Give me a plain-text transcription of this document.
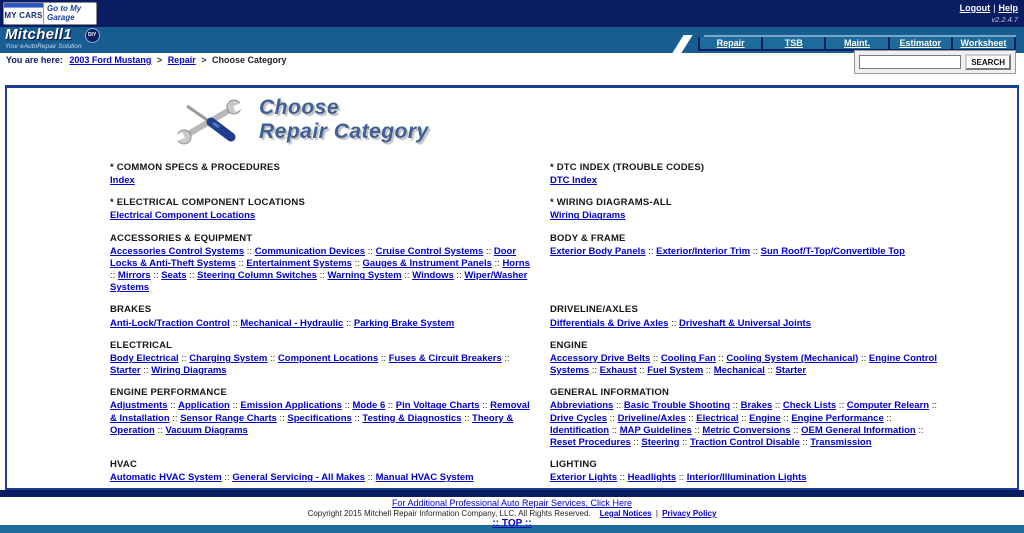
MY CARS
Go to My Garage
Logout | Help
v2.2.4.7
Mitchell1
Your eAutoRepair Solution
DIY
Repair	TSB	Maint.	Estimator	Worksheet
SEARCH
You are here: 2003 Ford Mustang > Repair > Choose Category
Choose
Repair Category
* COMMON SPECS & PROCEDURES
Index
* DTC INDEX (TROUBLE CODES)
DTC Index
* ELECTRICAL COMPONENT LOCATIONS
Electrical Component Locations
* WIRING DIAGRAMS-ALL
Wiring Diagrams
ACCESSORIES & EQUIPMENT
Accessories Control Systems :: Communication Devices :: Cruise Control Systems :: Door Locks & Anti-Theft Systems :: Entertainment Systems :: Gauges & Instrument Panels :: Horns :: Mirrors :: Seats :: Steering Column Switches :: Warning System :: Windows :: Wiper/Washer Systems
BODY & FRAME
Exterior Body Panels :: Exterior/Interior Trim :: Sun Roof/T-Top/Convertible Top
BRAKES
Anti-Lock/Traction Control :: Mechanical - Hydraulic :: Parking Brake System
DRIVELINE/AXLES
Differentials & Drive Axles :: Driveshaft & Universal Joints
ELECTRICAL
Body Electrical :: Charging System :: Component Locations :: Fuses & Circuit Breakers :: Starter :: Wiring Diagrams
ENGINE
Accessory Drive Belts :: Cooling Fan :: Cooling System (Mechanical) :: Engine Control Systems :: Exhaust :: Fuel System :: Mechanical :: Starter
ENGINE PERFORMANCE
Adjustments :: Application :: Emission Applications :: Mode 6 :: Pin Voltage Charts :: Removal & Installation :: Sensor Range Charts :: Specifications :: Testing & Diagnostics :: Theory & Operation :: Vacuum Diagrams
GENERAL INFORMATION
Abbreviations :: Basic Trouble Shooting :: Brakes :: Check Lists :: Computer Relearn :: Drive Cycles :: Driveline/Axles :: Electrical :: Engine :: Engine Performance :: Identification :: MAP Guidelines :: Metric Conversions :: OEM General Information :: Reset Procedures :: Steering :: Traction Control Disable :: Transmission
HVAC
Automatic HVAC System :: General Servicing - All Makes :: Manual HVAC System
LIGHTING
Exterior Lights :: Headlights :: Interior/Illumination Lights
For Additional Professional Auto Repair Services, Click Here
Copyright 2015 Mitchell Repair Information Company, LLC. All Rights Reserved. Legal Notices | Privacy Policy
:: TOP ::
